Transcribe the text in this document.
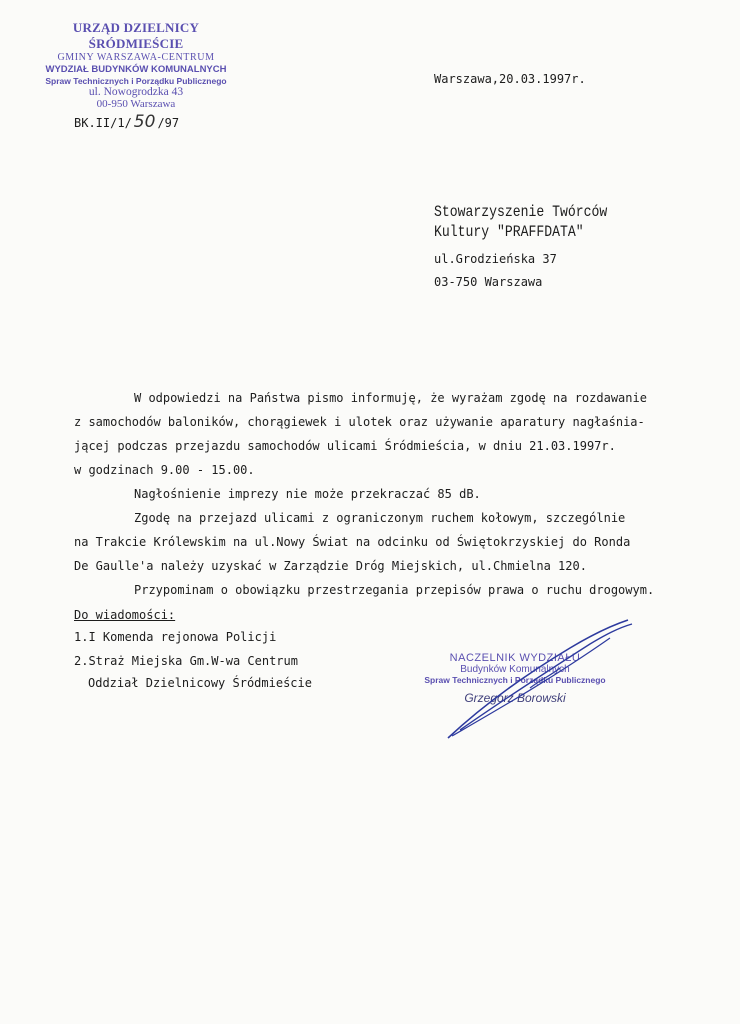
URZĄD DZIELNICY ŚRÓDMIEŚCIE
GMINY WARSZAWA-CENTRUM
WYDZIAŁ BUDYNKÓW KOMUNALNYCH
Spraw Technicznych i Porządku Publicznego
ul. Nowogrodzka 43
00-950 Warszawa
BK.II/1/ 50 /97
Warszawa,20.03.1997r.
Stowarzyszenie Twórców
Kultury "PRAFFDATA"
ul.Grodzieńska 37
03-750 Warszawa

W odpowiedzi na Państwa pismo informuję, że wyrażam zgodę na rozdawanie

z samochodów baloników, chorągiewek i ulotek oraz używanie aparatury nagłaśnia-

jącej podczas przejazdu samochodów ulicami Śródmieścia, w dniu 21.03.1997r.

w godzinach 9.00 - 15.00.

Nagłośnienie imprezy nie może przekraczać 85 dB.

Zgodę na przejazd ulicami z ograniczonym ruchem kołowym, szczególnie

na Trakcie Królewskim na ul.Nowy Świat na odcinku od Świętokrzyskiej do Ronda

De Gaulle'a należy uzyskać w Zarządzie Dróg Miejskich, ul.Chmielna 120.

Przypominam o obowiązku przestrzegania przepisów prawa o ruchu drogowym.

Do wiadomości:
1.I Komenda rejonowa Policji
2.Straż Miejska Gm.W-wa Centrum
Oddział Dzielnicowy Śródmieście
NACZELNIK WYDZIAŁU
Budynków Komunalnych
Spraw Technicznych i Porządku Publicznego
Grzegorz Borowski
